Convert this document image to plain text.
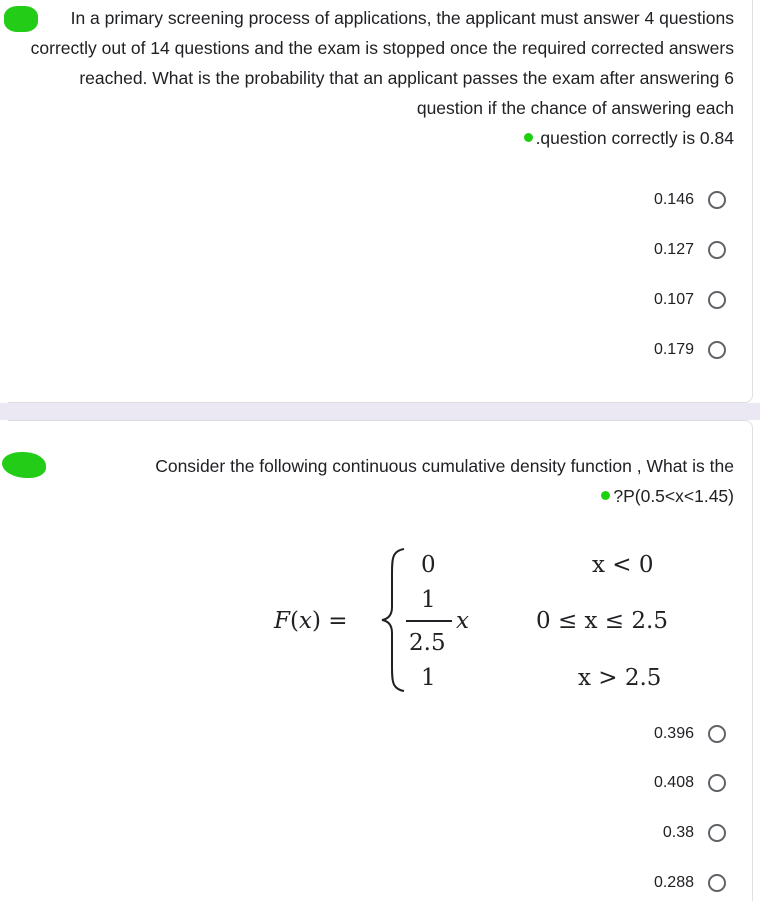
In a primary screening process of applications, the applicant must answer 4 questions correctly out of 14 questions and the exam is stopped once the required corrected answers reached. What is the probability that an applicant passes the exam after answering 6 question if the chance of answering each
.question correctly is 0.84
0.146
0.127
0.107
0.179
Consider the following continuous cumulative density function , What is the
?P(0.5<x<1.45)
F(x) =
0
1
2.5
x
1
x < 0
0 ≤ x ≤ 2.5
x > 2.5
0.396
0.408
0.38
0.288
